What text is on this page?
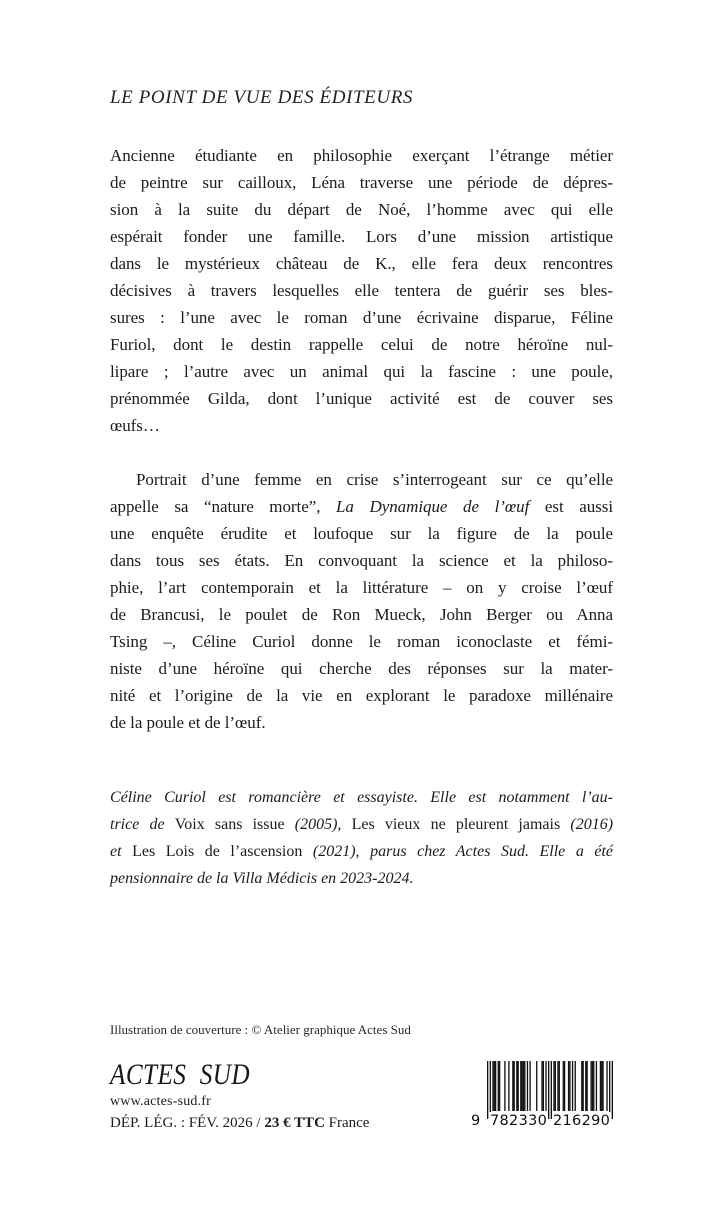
LE POINT DE VUE DES ÉDITEURS
Ancienne étudiante en philosophie exerçant l’étrange métier
de peintre sur cailloux, Léna traverse une période de dépres-
sion à la suite du départ de Noé, l’homme avec qui elle
espérait fonder une famille. Lors d’une mission artistique
dans le mystérieux château de K., elle fera deux rencontres
décisives à travers lesquelles elle tentera de guérir ses bles-
sures : l’une avec le roman d’une écrivaine disparue, Féline
Furiol, dont le destin rappelle celui de notre héroïne nul-
lipare ; l’autre avec un animal qui la fascine : une poule,
prénommée Gilda, dont l’unique activité est de couver ses
œufs…
Portrait d’une femme en crise s’interrogeant sur ce qu’elle
appelle sa “nature morte”, La Dynamique de l’œuf est aussi
une enquête érudite et loufoque sur la figure de la poule
dans tous ses états. En convoquant la science et la philoso-
phie, l’art contemporain et la littérature – on y croise l’œuf
de Brancusi, le poulet de Ron Mueck, John Berger ou Anna
Tsing –, Céline Curiol donne le roman iconoclaste et fémi-
niste d’une héroïne qui cherche des réponses sur la mater-
nité et l’origine de la vie en explorant le paradoxe millénaire
de la poule et de l’œuf.
Céline Curiol est romancière et essayiste. Elle est notamment l’au-
trice de Voix sans issue (2005), Les vieux ne pleurent jamais (2016)
et Les Lois de l’ascension (2021), parus chez Actes Sud. Elle a été
pensionnaire de la Villa Médicis en 2023-2024.
Illustration de couverture : © Atelier graphique Actes Sud
ACTES SUD
www.actes-sud.fr
DÉP. LÉG. : FÉV. 2026 / 23 € TTC France	9 782330 216290
